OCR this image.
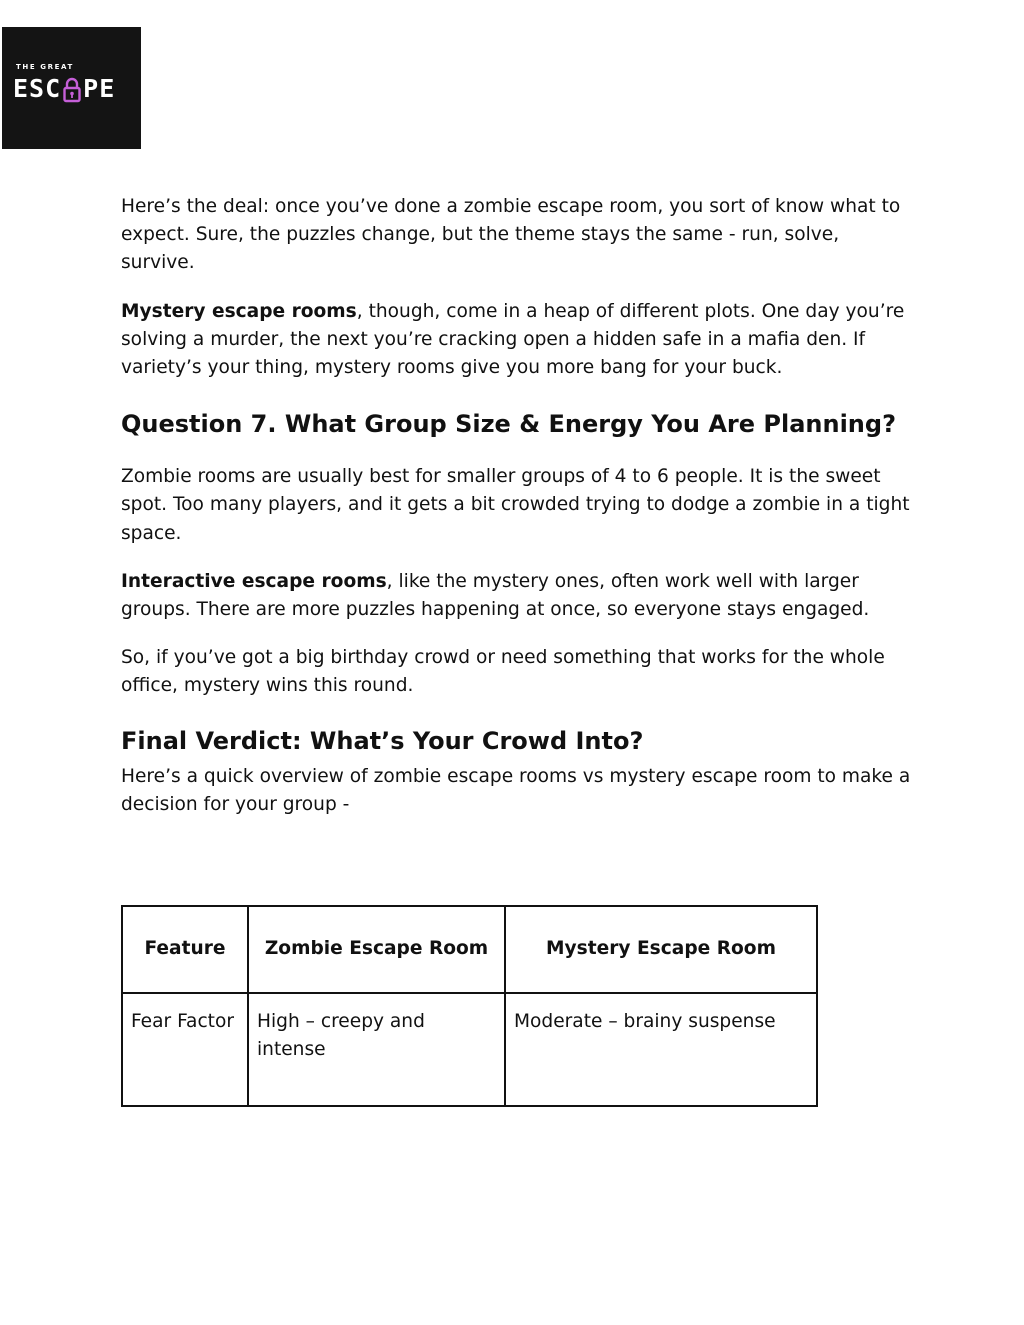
THE GREAT
ESC PE

Here’s the deal: once you’ve done a zombie escape room, you sort of know what to expect. Sure, the puzzles change, but the theme stays the same - run, solve, survive.

Mystery escape rooms, though, come in a heap of different plots. One day you’re solving a murder, the next you’re cracking open a hidden safe in a mafia den. If variety’s your thing, mystery rooms give you more bang for your buck.

Question 7. What Group Size & Energy You Are Planning?

Zombie rooms are usually best for smaller groups of 4 to 6 people. It is the sweet spot. Too many players, and it gets a bit crowded trying to dodge a zombie in a tight space.

Interactive escape rooms, like the mystery ones, often work well with larger groups. There are more puzzles happening at once, so everyone stays engaged.

So, if you’ve got a big birthday crowd or need something that works for the whole office, mystery wins this round.

Final Verdict: What’s Your Crowd Into?

Here’s a quick overview of zombie escape rooms vs mystery escape room to make a decision for your group -

Feature	Zombie Escape Room	Mystery Escape Room
Fear Factor	High – creepy and intense	Moderate – brainy suspense
